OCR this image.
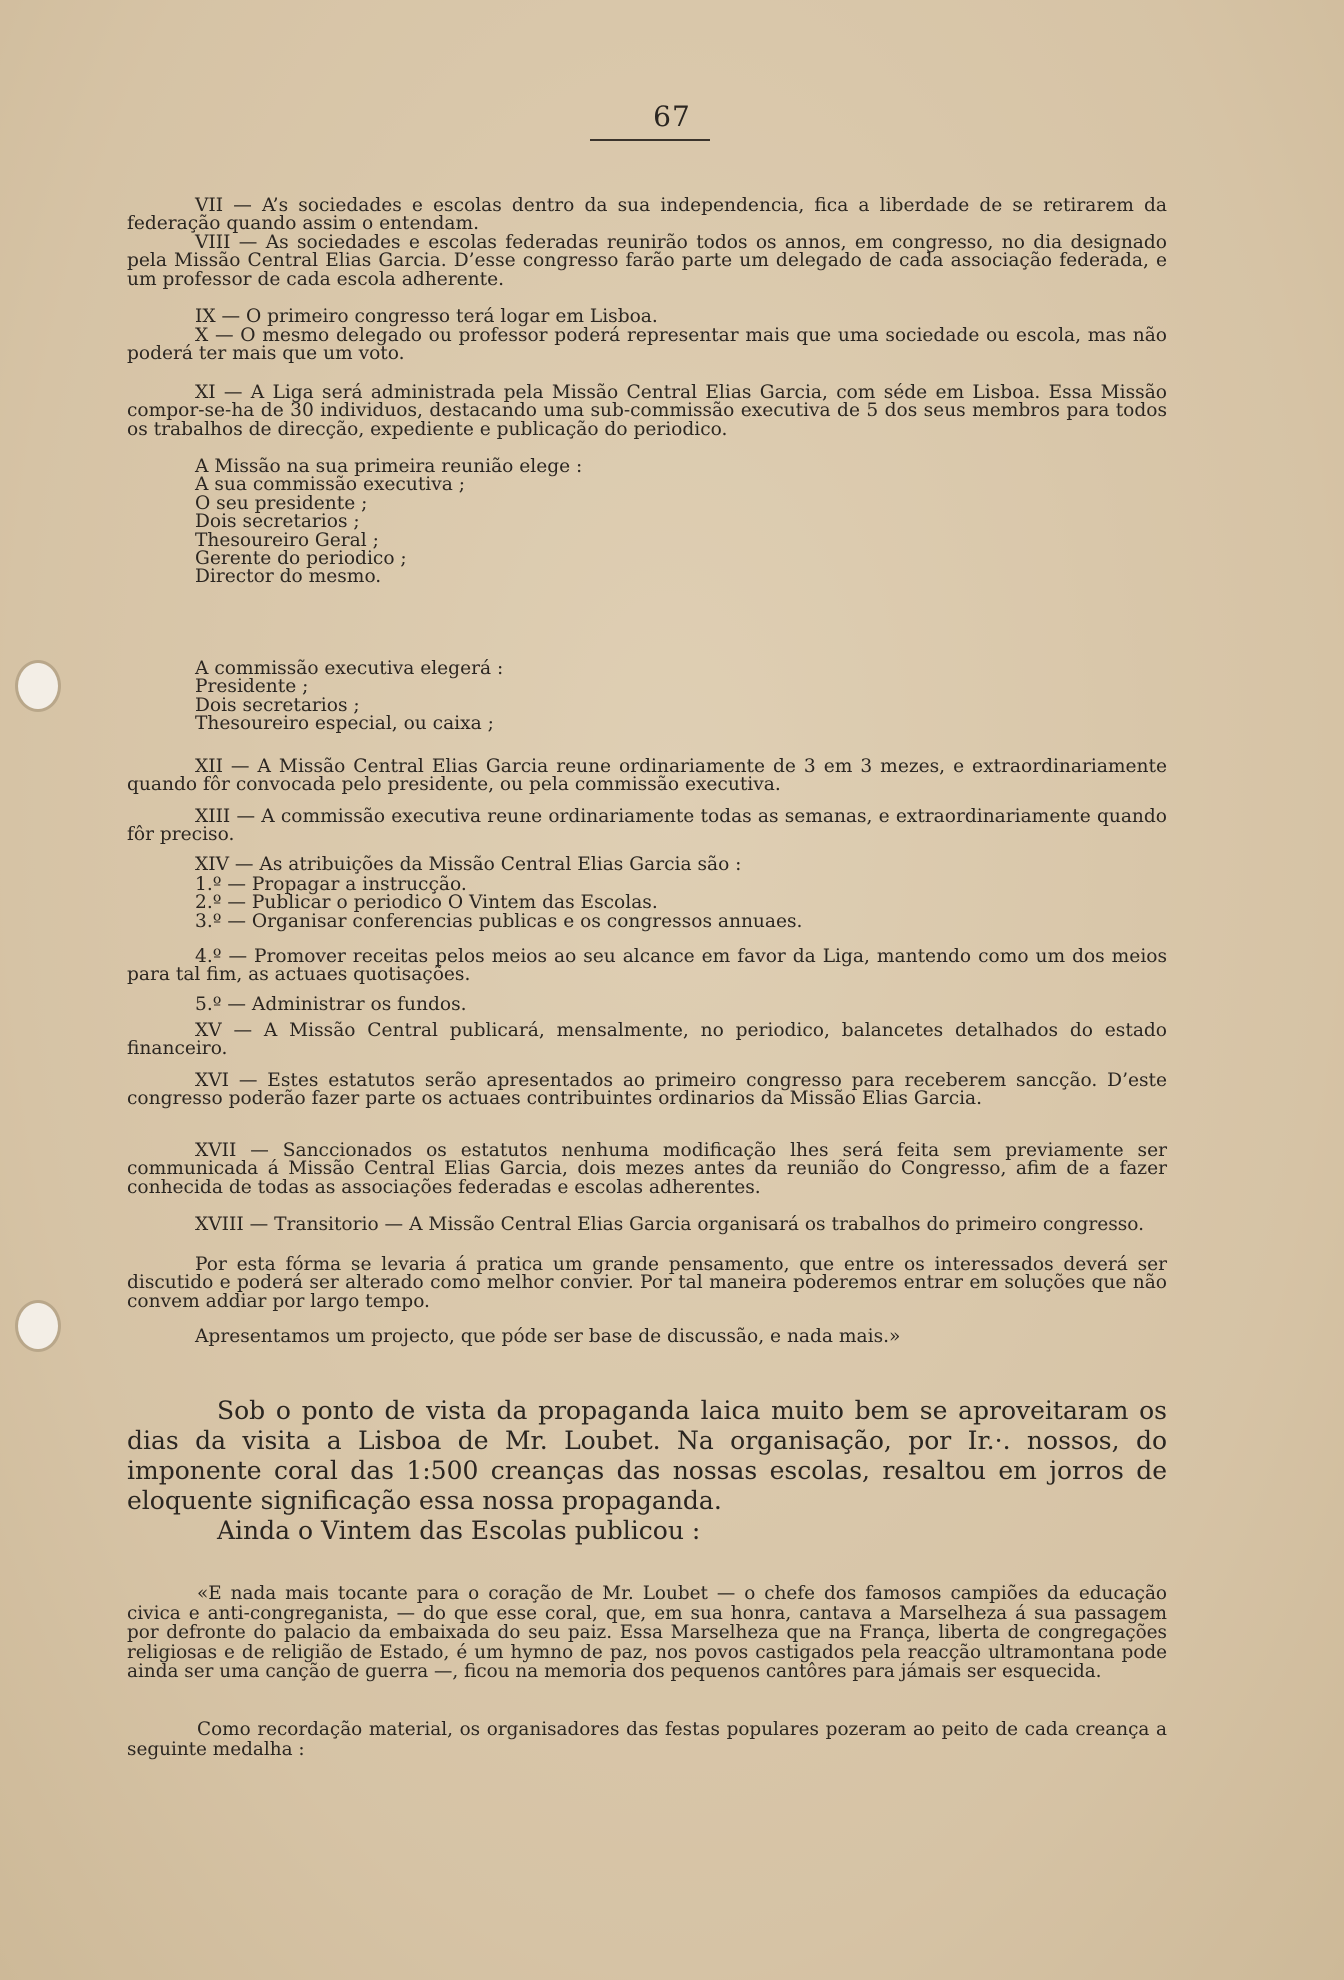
67

VII — A’s sociedades e escolas dentro da sua independencia, fica a liberdade de se retirarem da federação quando assim o entendam.

VIII — As sociedades e escolas federadas reunirão todos os annos, em congresso, no dia designado pela Missão Central Elias Garcia. D’esse congresso farão parte um delegado de cada associação federada, e um professor de cada escola adherente.

IX — O primeiro congresso terá logar em Lisboa.

X — O mesmo delegado ou professor poderá representar mais que uma sociedade ou escola, mas não poderá ter mais que um voto.

XI — A Liga será administrada pela Missão Central Elias Garcia, com séde em Lisboa. Essa Missão compor-se-ha de 30 individuos, destacando uma sub-commissão executiva de 5 dos seus membros para todos os trabalhos de direcção, expediente e publicação do periodico.

A Missão na sua primeira reunião elege :
A sua commissão executiva ;
O seu presidente ;
Dois secretarios ;
Thesoureiro Geral ;
Gerente do periodico ;
Director do mesmo.
A commissão executiva elegerá :
Presidente ;
Dois secretarios ;
Thesoureiro especial, ou caixa ;

XII — A Missão Central Elias Garcia reune ordinariamente de 3 em 3 mezes, e extraordinariamente quando fôr convocada pelo presidente, ou pela commissão executiva.

XIII — A commissão executiva reune ordinariamente todas as semanas, e extraordinariamente quando fôr preciso.

XIV — As atribuições da Missão Central Elias Garcia são :

1.º — Propagar a instrucção.
2.º — Publicar o periodico O Vintem das Escolas.
3.º — Organisar conferencias publicas e os congressos annuaes.

4.º — Promover receitas pelos meios ao seu alcance em favor da Liga, mantendo como um dos meios para tal fim, as actuaes quotisações.

5.º — Administrar os fundos.

XV — A Missão Central publicará, mensalmente, no periodico, balancetes detalhados do estado financeiro.

XVI — Estes estatutos serão apresentados ao primeiro congresso para receberem sancção. D’este congresso poderão fazer parte os actuaes contribuintes ordinarios da Missão Elias Garcia.

XVII — Sanccionados os estatutos nenhuma modificação lhes será feita sem previamente ser communicada á Missão Central Elias Garcia, dois mezes antes da reunião do Congresso, afim de a fazer conhecida de todas as associações federadas e escolas adherentes.

XVIII — Transitorio — A Missão Central Elias Garcia organisará os trabalhos do primeiro congresso.

Por esta fórma se levaria á pratica um grande pensamento, que entre os interessados deverá ser discutido e poderá ser alterado como melhor convier. Por tal maneira poderemos entrar em soluções que não convem addiar por largo tempo.

Apresentamos um projecto, que póde ser base de discussão, e nada mais.»

Sob o ponto de vista da propaganda laica muito bem se aproveitaram os dias da visita a Lisboa de Mr. Loubet. Na organisação, por Ir.·. nossos, do imponente coral das 1:500 creanças das nossas escolas, resaltou em jorros de eloquente significação essa nossa propaganda.

Ainda o Vintem das Escolas publicou :

«E nada mais tocante para o coração de Mr. Loubet — o chefe dos famosos campiões da educação civica e anti-congreganista, — do que esse coral, que, em sua honra, cantava a Marselheza á sua passagem por defronte do palacio da embaixada do seu paiz. Essa Marselheza que na França, liberta de congregações religiosas e de religião de Estado, é um hymno de paz, nos povos castigados pela reacção ultramontana pode ainda ser uma canção de guerra —, ficou na memoria dos pequenos cantôres para jámais ser esquecida.

Como recordação material, os organisadores das festas populares pozeram ao peito de cada creança a seguinte medalha :
